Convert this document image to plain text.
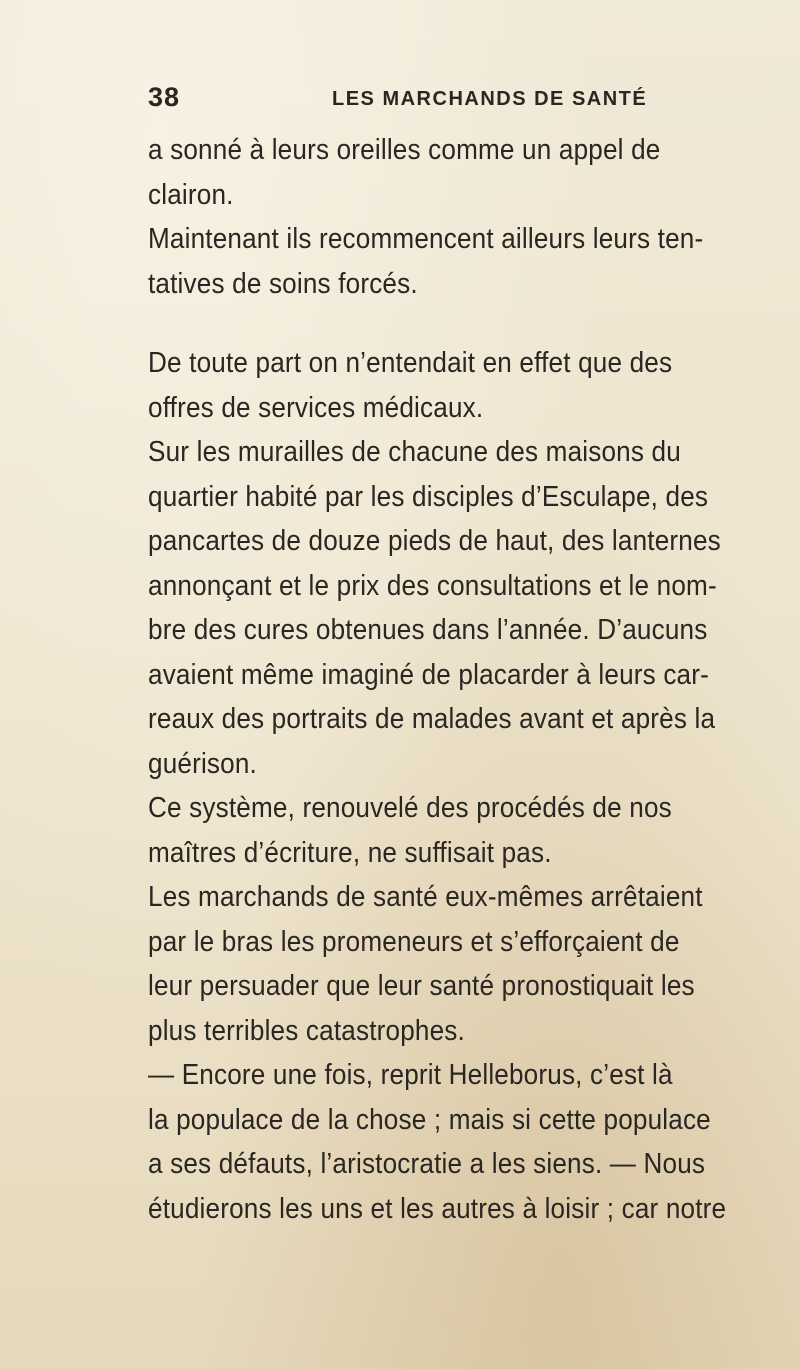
38	LES MARCHANDS DE SANTÉ
a sonné à leurs oreilles comme un appel de
clairon.
Maintenant ils recommencent ailleurs leurs ten-
tatives de soins forcés.
De toute part on n’entendait en effet que des
offres de services médicaux.
Sur les murailles de chacune des maisons du
quartier habité par les disciples d’Esculape, des
pancartes de douze pieds de haut, des lanternes
annonçant et le prix des consultations et le nom-
bre des cures obtenues dans l’année. D’aucuns
avaient même imaginé de placarder à leurs car-
reaux des portraits de malades avant et après la
guérison.
Ce système, renouvelé des procédés de nos
maîtres d’écriture, ne suffisait pas.
Les marchands de santé eux-mêmes arrêtaient
par le bras les promeneurs et s’efforçaient de
leur persuader que leur santé pronostiquait les
plus terribles catastrophes.
— Encore une fois, reprit Helleborus, c’est là
la populace de la chose ; mais si cette populace
a ses défauts, l’aristocratie a les siens. — Nous
étudierons les uns et les autres à loisir ; car notre
